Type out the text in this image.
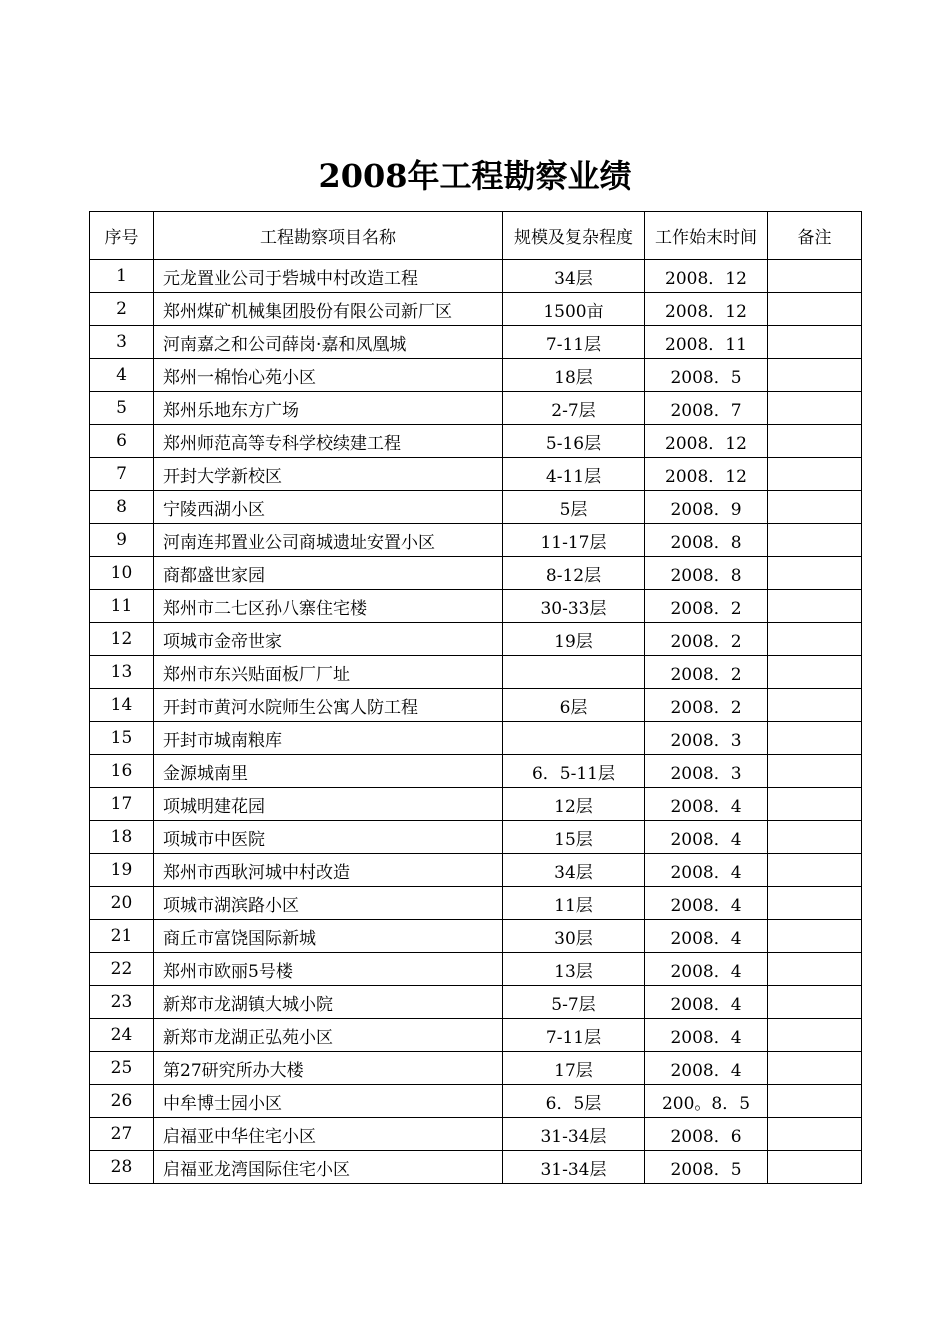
2008年工程勘察业绩
序号	工程勘察项目名称	规模及复杂程度	工作始末时间	备注
1	元龙置业公司于砦城中村改造工程	34层	2008．12	
2	郑州煤矿机械集团股份有限公司新厂区	1500亩	2008．12	
3	河南嘉之和公司薛岗·嘉和凤凰城	7-11层	2008．11	
4	郑州一棉怡心苑小区	18层	2008．5	
5	郑州乐地东方广场	2-7层	2008．7	
6	郑州师范高等专科学校续建工程	5-16层	2008．12	
7	开封大学新校区	4-11层	2008．12	
8	宁陵西湖小区	5层	2008．9	
9	河南连邦置业公司商城遗址安置小区	11-17层	2008．8	
10	商都盛世家园	8-12层	2008．8	
11	郑州市二七区孙八寨住宅楼	30-33层	2008．2	
12	项城市金帝世家	19层	2008．2	
13	郑州市东兴贴面板厂厂址		2008．2	
14	开封市黄河水院师生公寓人防工程	6层	2008．2	
15	开封市城南粮库		2008．3	
16	金源城南里	6．5-11层	2008．3	
17	项城明建花园	12层	2008．4	
18	项城市中医院	15层	2008．4	
19	郑州市西耿河城中村改造	34层	2008．4	
20	项城市湖滨路小区	11层	2008．4	
21	商丘市富饶国际新城	30层	2008．4	
22	郑州市欧丽5号楼	13层	2008．4	
23	新郑市龙湖镇大城小院	5-7层	2008．4	
24	新郑市龙湖正弘苑小区	7-11层	2008．4	
25	第27研究所办大楼	17层	2008．4	
26	中牟博士园小区	6．5层	200。8．5	
27	启福亚中华住宅小区	31-34层	2008．6	
28	启福亚龙湾国际住宅小区	31-34层	2008．5	
